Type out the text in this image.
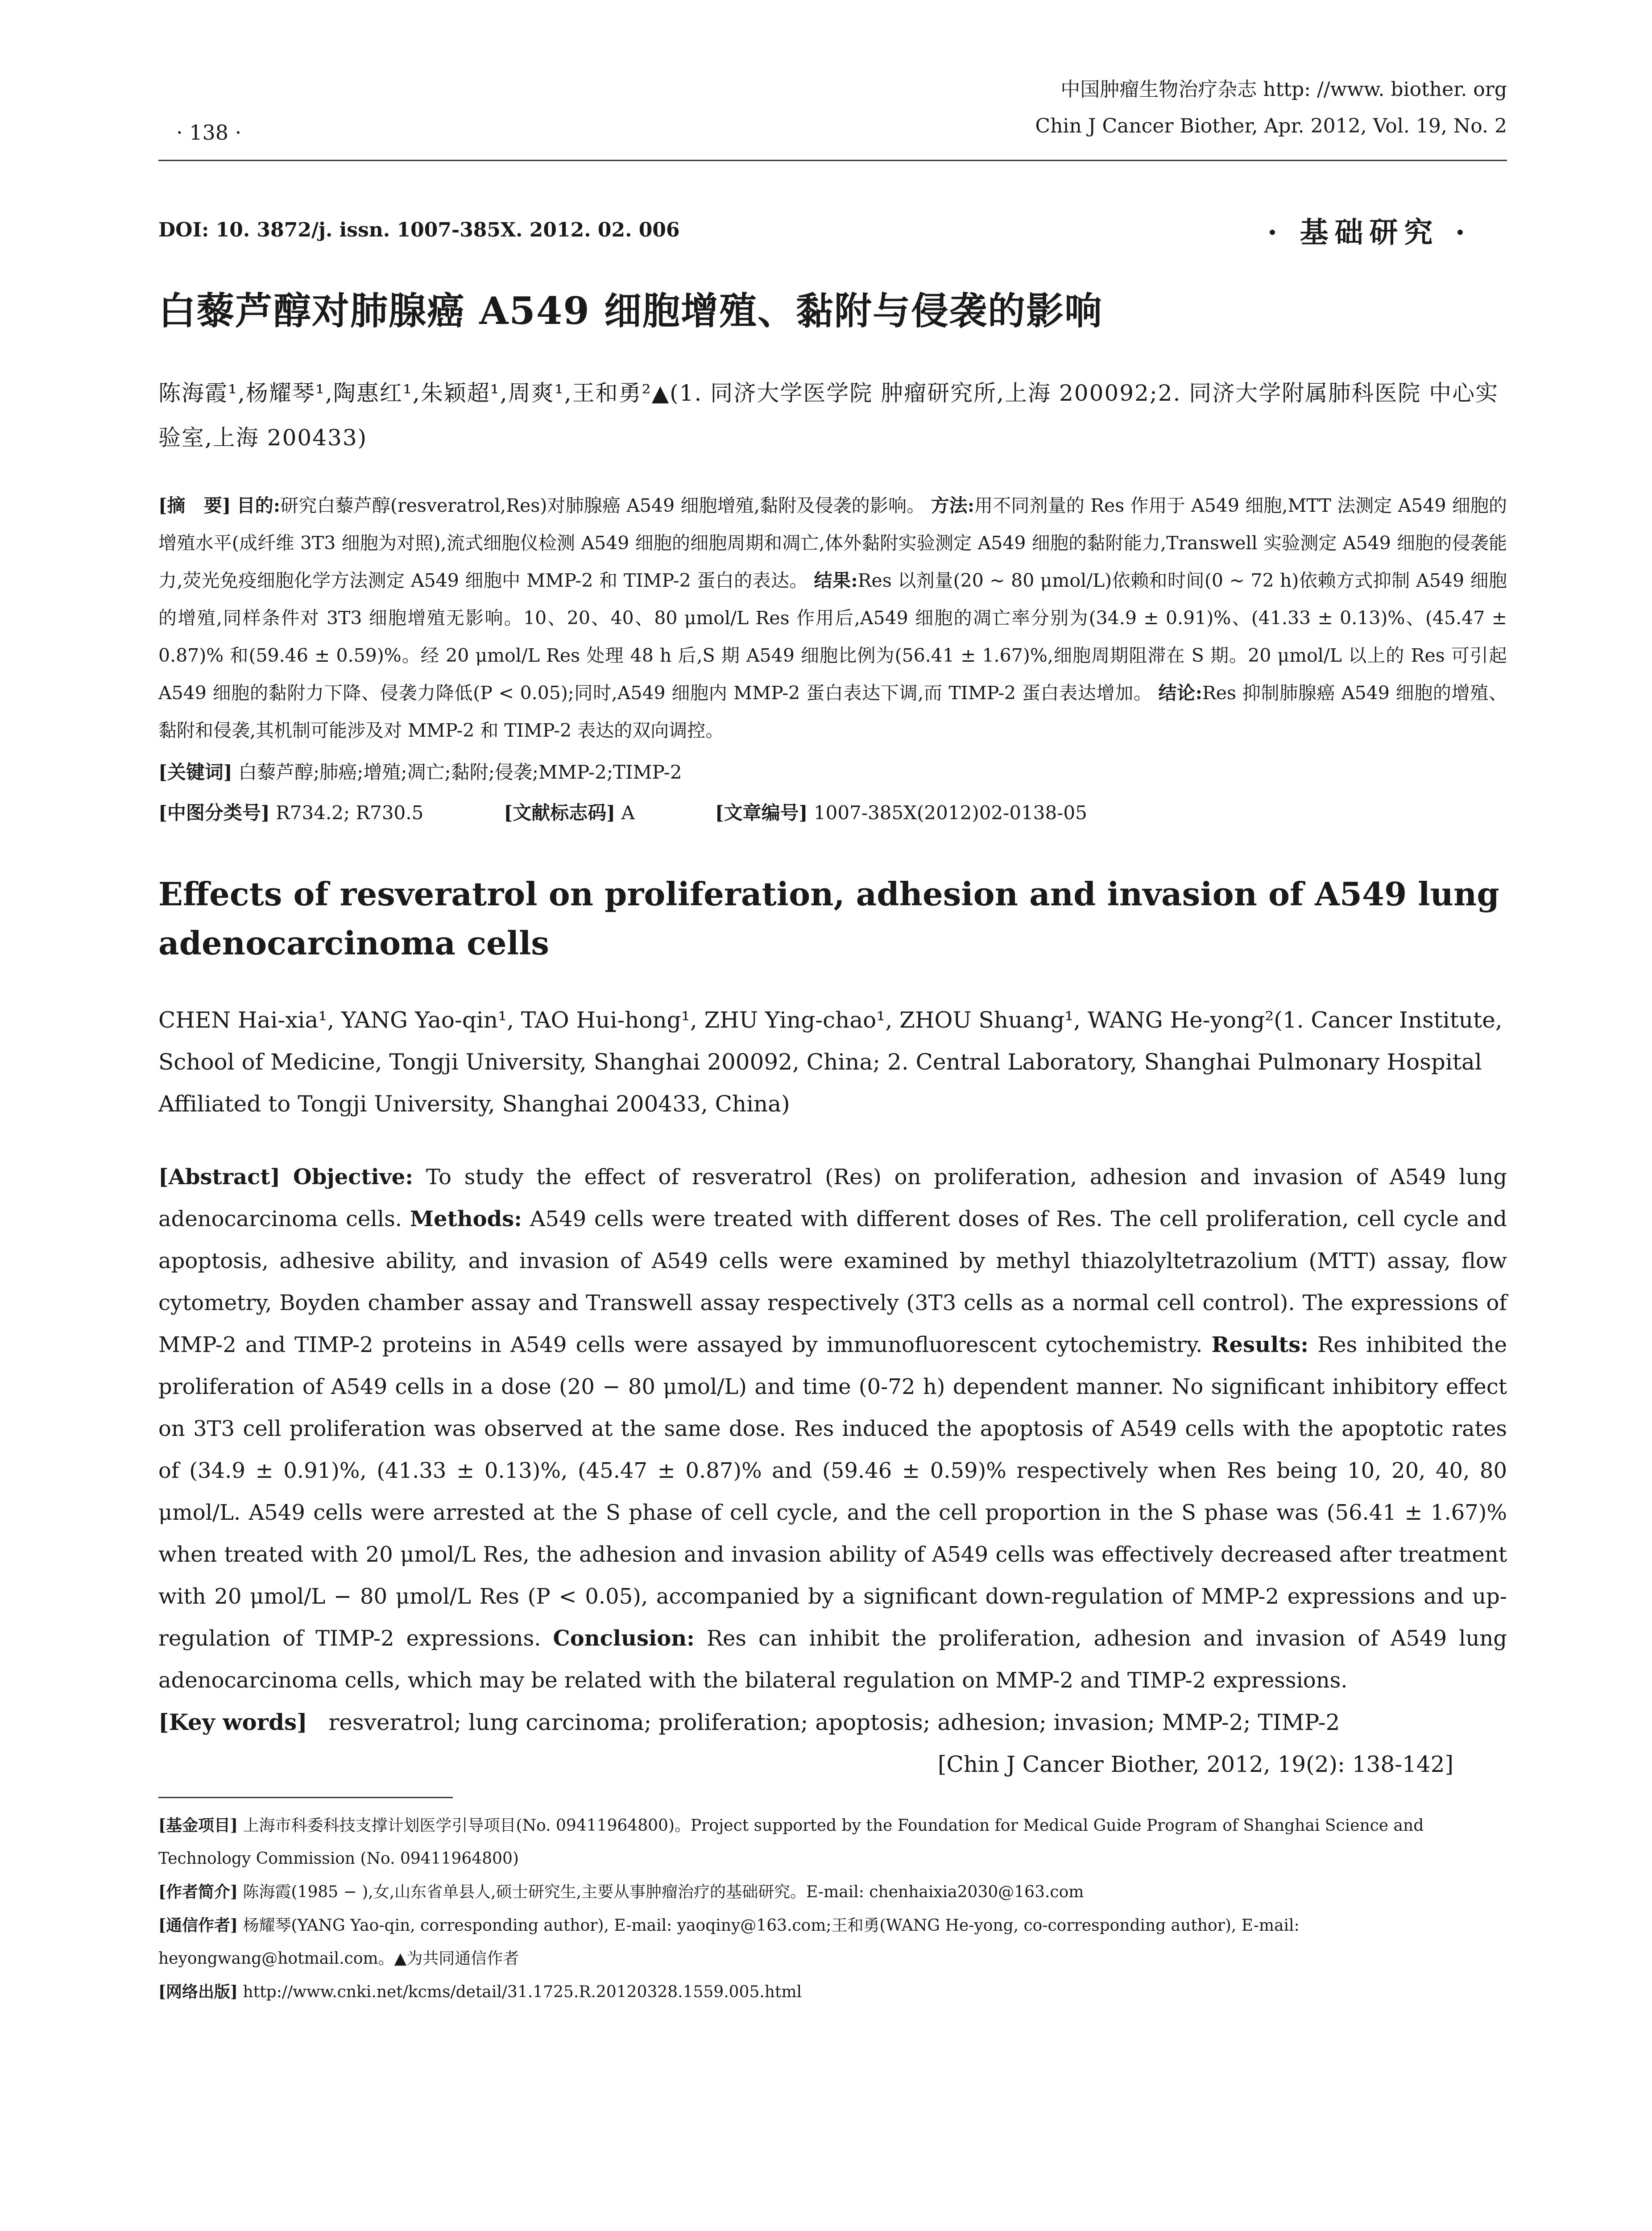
· 138 ·
中国肿瘤生物治疗杂志 http: //www. biother. org
Chin J Cancer Biother, Apr. 2012, Vol. 19, No. 2
DOI: 10. 3872/j. issn. 1007-385X. 2012. 02. 006	· 基础研究 ·
白藜芦醇对肺腺癌 A549 细胞增殖、黏附与侵袭的影响
陈海霞¹,杨耀琴¹,陶惠红¹,朱颖超¹,周爽¹,王和勇²▲(1. 同济大学医学院 肿瘤研究所,上海 200092;2. 同济大学附属肺科医院 中心实验室,上海 200433)
[摘　要] 目的:研究白藜芦醇(resveratrol,Res)对肺腺癌 A549 细胞增殖,黏附及侵袭的影响。 方法:用不同剂量的 Res 作用于 A549 细胞,MTT 法测定 A549 细胞的增殖水平(成纤维 3T3 细胞为对照),流式细胞仪检测 A549 细胞的细胞周期和凋亡,体外黏附实验测定 A549 细胞的黏附能力,Transwell 实验测定 A549 细胞的侵袭能力,荧光免疫细胞化学方法测定 A549 细胞中 MMP-2 和 TIMP-2 蛋白的表达。 结果:Res 以剂量(20 ~ 80 μmol/L)依赖和时间(0 ~ 72 h)依赖方式抑制 A549 细胞的增殖,同样条件对 3T3 细胞增殖无影响。10、20、40、80 μmol/L Res 作用后,A549 细胞的凋亡率分别为(34.9 ± 0.91)%、(41.33 ± 0.13)%、(45.47 ± 0.87)% 和(59.46 ± 0.59)%。经 20 μmol/L Res 处理 48 h 后,S 期 A549 细胞比例为(56.41 ± 1.67)%,细胞周期阻滞在 S 期。20 μmol/L 以上的 Res 可引起 A549 细胞的黏附力下降、侵袭力降低(P < 0.05);同时,A549 细胞内 MMP-2 蛋白表达下调,而 TIMP-2 蛋白表达增加。 结论:Res 抑制肺腺癌 A549 细胞的增殖、黏附和侵袭,其机制可能涉及对 MMP-2 和 TIMP-2 表达的双向调控。
[关键词] 白藜芦醇;肺癌;增殖;凋亡;黏附;侵袭;MMP-2;TIMP-2
[中图分类号] R734.2; R730.5	[文献标志码] A	[文章编号] 1007-385X(2012)02-0138-05
Effects of resveratrol on proliferation, adhesion and invasion of A549 lung adenocarcinoma cells
CHEN Hai-xia¹, YANG Yao-qin¹, TAO Hui-hong¹, ZHU Ying-chao¹, ZHOU Shuang¹, WANG He-yong²(1. Cancer Institute, School of Medicine, Tongji University, Shanghai 200092, China; 2. Central Laboratory, Shanghai Pulmonary Hospital Affiliated to Tongji University, Shanghai 200433, China)
[Abstract] Objective: To study the effect of resveratrol (Res) on proliferation, adhesion and invasion of A549 lung adenocarcinoma cells. Methods: A549 cells were treated with different doses of Res. The cell proliferation, cell cycle and apoptosis, adhesive ability, and invasion of A549 cells were examined by methyl thiazolyltetrazolium (MTT) assay, flow cytometry, Boyden chamber assay and Transwell assay respectively (3T3 cells as a normal cell control). The expressions of MMP-2 and TIMP-2 proteins in A549 cells were assayed by immunofluorescent cytochemistry. Results: Res inhibited the proliferation of A549 cells in a dose (20 − 80 μmol/L) and time (0-72 h) dependent manner. No significant inhibitory effect on 3T3 cell proliferation was observed at the same dose. Res induced the apoptosis of A549 cells with the apoptotic rates of (34.9 ± 0.91)%, (41.33 ± 0.13)%, (45.47 ± 0.87)% and (59.46 ± 0.59)% respectively when Res being 10, 20, 40, 80 μmol/L. A549 cells were arrested at the S phase of cell cycle, and the cell proportion in the S phase was (56.41 ± 1.67)% when treated with 20 μmol/L Res, the adhesion and invasion ability of A549 cells was effectively decreased after treatment with 20 μmol/L − 80 μmol/L Res (P < 0.05), accompanied by a significant down-regulation of MMP-2 expressions and up-regulation of TIMP-2 expressions. Conclusion: Res can inhibit the proliferation, adhesion and invasion of A549 lung adenocarcinoma cells, which may be related with the bilateral regulation on MMP-2 and TIMP-2 expressions.
[Key words] resveratrol; lung carcinoma; proliferation; apoptosis; adhesion; invasion; MMP-2; TIMP-2
[Chin J Cancer Biother, 2012, 19(2): 138-142]
[基金项目] 上海市科委科技支撑计划医学引导项目(No. 09411964800)。Project supported by the Foundation for Medical Guide Program of Shanghai Science and Technology Commission (No. 09411964800)
[作者简介] 陈海霞(1985 − ),女,山东省单县人,硕士研究生,主要从事肿瘤治疗的基础研究。E-mail: chenhaixia2030@163.com
[通信作者] 杨耀琴(YANG Yao-qin, corresponding author), E-mail: yaoqiny@163.com;王和勇(WANG He-yong, co-corresponding author), E-mail: heyongwang@hotmail.com。▲为共同通信作者
[网络出版] http://www.cnki.net/kcms/detail/31.1725.R.20120328.1559.005.html
